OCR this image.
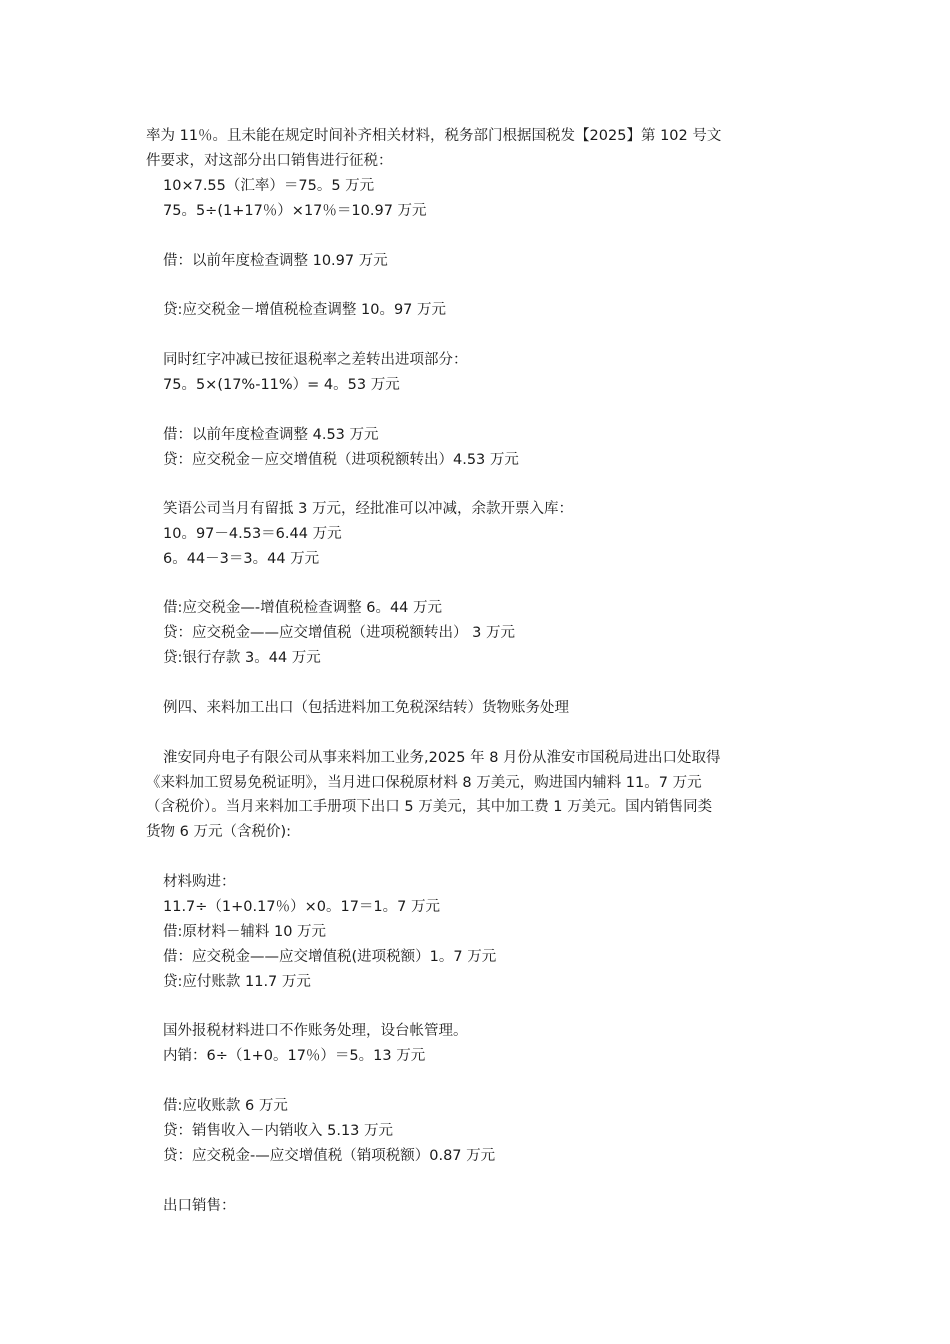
率为 11％。且未能在规定时间补齐相关材料，税务部门根据国税发【2025】第 102 号文
件要求，对这部分出口销售进行征税：
10×7.55（汇率）＝75。5 万元
75。5÷(1+17％）×17％＝10.97 万元
借：以前年度检查调整 10.97 万元
贷:应交税金－增值税检查调整 10。97 万元
同时红字冲减已按征退税率之差转出进项部分：
75。5×(17%-11%）= 4。53 万元
借：以前年度检查调整 4.53 万元
贷：应交税金－应交增值税（进项税额转出）4.53 万元
笑语公司当月有留抵 3 万元，经批准可以冲减，余款开票入库：
10。97－4.53＝6.44 万元
6。44－3＝3。44 万元
借:应交税金—-增值税检查调整 6。44 万元
贷：应交税金——应交增值税（进项税额转出） 3 万元
贷:银行存款 3。44 万元
例四、来料加工出口（包括进料加工免税深结转）货物账务处理
淮安同舟电子有限公司从事来料加工业务,2025 年 8 月份从淮安市国税局进出口处取得
《来料加工贸易免税证明》，当月进口保税原材料 8 万美元，购进国内辅料 11。7 万元
（含税价）。当月来料加工手册项下出口 5 万美元，其中加工费 1 万美元。国内销售同类
货物 6 万元（含税价):
材料购进：
11.7÷（1+0.17％）×0。17＝1。7 万元
借:原材料－辅料 10 万元
借：应交税金——应交增值税(进项税额）1。7 万元
贷:应付账款 11.7 万元
国外报税材料进口不作账务处理，设台帐管理。
内销：6÷（1+0。17％）＝5。13 万元
借:应收账款 6 万元
贷：销售收入－内销收入 5.13 万元
贷：应交税金-—应交增值税（销项税额）0.87 万元
出口销售：
